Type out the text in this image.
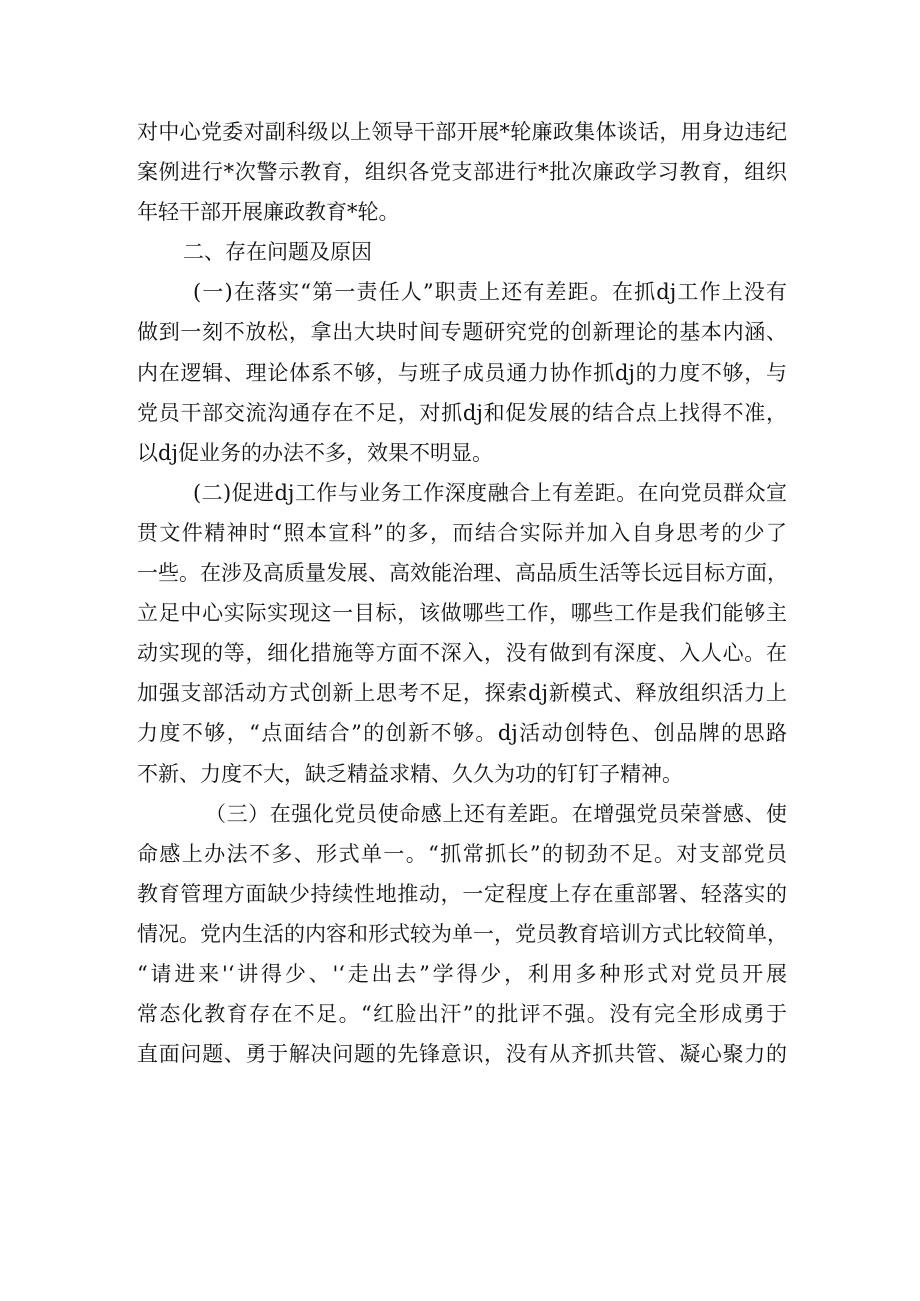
对中心党委对副科级以上领导干部开展*轮廉政集体谈话，用身边违纪
案例进行*次警示教育，组织各党支部进行*批次廉政学习教育，组织
年轻干部开展廉政教育*轮。
二、存在问题及原因
(一)在落实“第一责任人”职责上还有差距。在抓dj工作上没有
做到一刻不放松，拿出大块时间专题研究党的创新理论的基本内涵、
内在逻辑、理论体系不够，与班子成员通力协作抓dj的力度不够，与
党员干部交流沟通存在不足，对抓dj和促发展的结合点上找得不准，
以dj促业务的办法不多，效果不明显。
(二)促进dj工作与业务工作深度融合上有差距。在向党员群众宣
贯文件精神时“照本宣科”的多，而结合实际并加入自身思考的少了
一些。在涉及高质量发展、高效能治理、高品质生活等长远目标方面，
立足中心实际实现这一目标，该做哪些工作，哪些工作是我们能够主
动实现的等，细化措施等方面不深入，没有做到有深度、入人心。在
加强支部活动方式创新上思考不足，探索dj新模式、释放组织活力上
力度不够，“点面结合”的创新不够。dj活动创特色、创品牌的思路
不新、力度不大，缺乏精益求精、久久为功的钉钉子精神。
（三）在强化党员使命感上还有差距。在增强党员荣誉感、使
命感上办法不多、形式单一。“抓常抓长”的韧劲不足。对支部党员
教育管理方面缺少持续性地推动，一定程度上存在重部署、轻落实的
情况。党内生活的内容和形式较为单一，党员教育培训方式比较简单，
“请进来'‘讲得少、'‘走出去”学得少，利用多种形式对党员开展
常态化教育存在不足。“红脸出汗”的批评不强。没有完全形成勇于
直面问题、勇于解决问题的先锋意识，没有从齐抓共管、凝心聚力的
